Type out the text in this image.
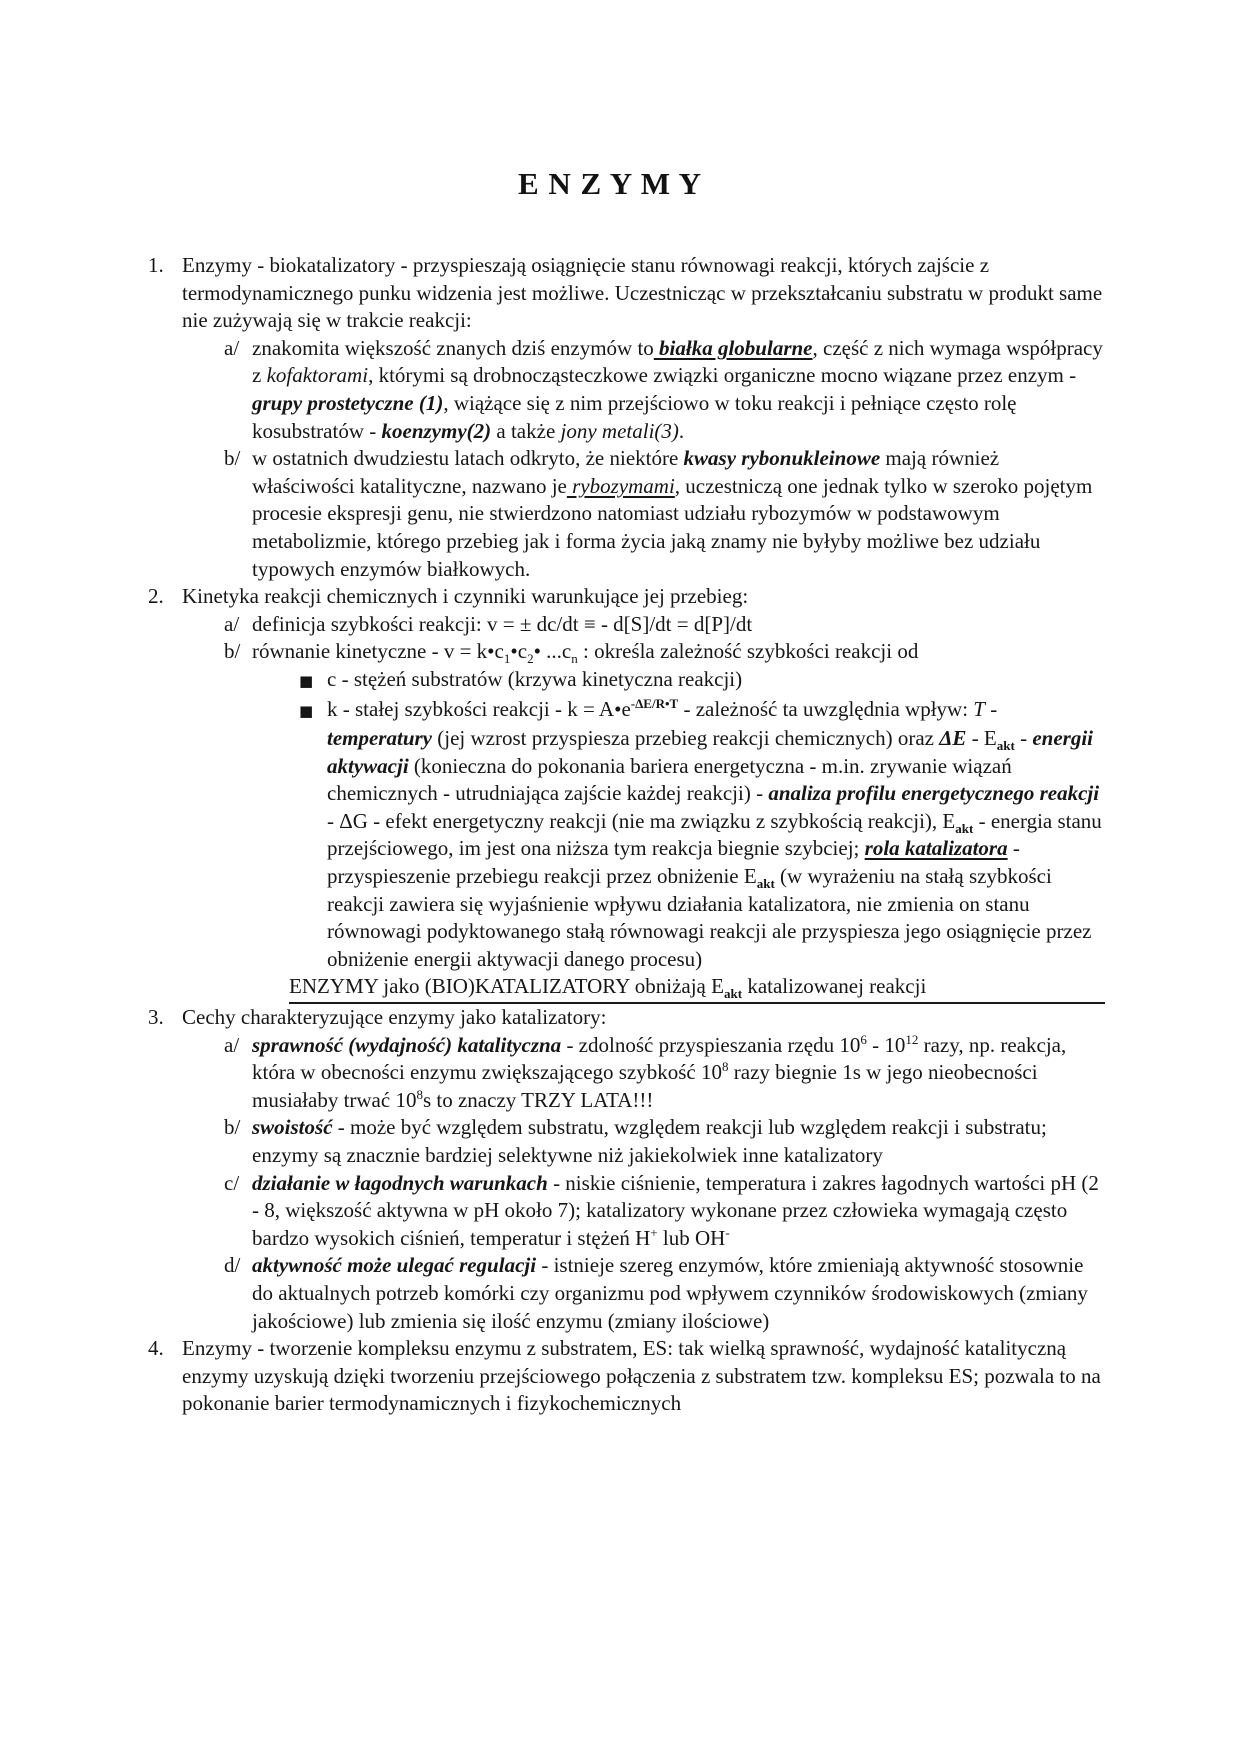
E N Z Y M Y
1. Enzymy - biokatalizatory - przyspieszają osiągnięcie stanu równowagi reakcji, których zajście z termodynamicznego punku widzenia jest możliwe. Uczestnicząc w przekształcaniu substratu w produkt same nie zużywają się w trakcie reakcji:
a/ znakomita większość znanych dziś enzymów to białka globularne, część z nich wymaga współpracy z kofaktorami, którymi są drobnocząsteczkowe związki organiczne mocno wiązane przez enzym - grupy prostetyczne (1), wiążące się z nim przejściowo w toku reakcji i pełniące często rolę kosubstratów - koenzymy(2) a także jony metali(3).
b/ w ostatnich dwudziestu latach odkryto, że niektóre kwasy rybonukleinowe mają również właściwości katalityczne, nazwano je rybozymami, uczestniczą one jednak tylko w szeroko pojętym procesie ekspresji genu, nie stwierdzono natomiast udziału rybozymów w podstawowym metabolizmie, którego przebieg jak i forma życia jaką znamy nie byłyby możliwe bez udziału typowych enzymów białkowych.
2. Kinetyka reakcji chemicznych i czynniki warunkujące jej przebieg:
a/ definicja szybkości reakcji: v = ± dc/dt ≡ - d[S]/dt = d[P]/dt
b/ równanie kinetyczne - $v = k•c_1•c_2•$ $...c_n$ : określa zależność szybkości reakcji od
■ c - stężeń substratów (krzywa kinetyczna reakcji)
■ k - stałej szybkości reakcji - $k = A•e^{-\Delta E/R•T}$ - zależność ta uwzględnia wpływ: T - temperatury (jej wzrost przyspiesza przebieg reakcji chemicznych) oraz ΔE - $E_{akt}$ - energii aktywacji (konieczna do pokonania bariera energetyczna - m.in. zrywanie wiązań chemicznych - utrudniająca zajście każdej reakcji) - analiza profilu energetycznego reakcji - ΔG - efekt energetyczny reakcji (nie ma związku z szybkością reakcji), $E_{akt}$ - energia stanu przejściowego, im jest ona niższa tym reakcja biegnie szybciej; rola katalizatora - przyspieszenie przebiegu reakcji przez obniżenie $E_{akt}$ (w wyrażeniu na stałą szybkości reakcji zawiera się wyjaśnienie wpływu działania katalizatora, nie zmienia on stanu równowagi podyktowanego stałą równowagi reakcji ale przyspiesza jego osiągnięcie przez obniżenie energii aktywacji danego procesu)
ENZYMY jako (BIO)KATALIZATORY obniżają $E_{akt}$ katalizowanej reakcji
3. Cechy charakteryzujące enzymy jako katalizatory:
a/ sprawność (wydajność) katalityczna - zdolność przyspieszania rzędu $10^6 - 10^{12}$ razy, np. reakcja, która w obecności enzymu zwiększającego szybkość $10^8$ razy biegnie 1s w jego nieobecności musiałaby trwać $10^8s$ to znaczy TRZY LATA!!!
b/ swoistość - może być względem substratu, względem reakcji lub względem reakcji i substratu; enzymy są znacznie bardziej selektywne niż jakiekolwiek inne katalizatory
c/ działanie w łagodnych warunkach - niskie ciśnienie, temperatura i zakres łagodnych wartości pH (2 - 8, większość aktywna w pH około 7); katalizatory wykonane przez człowieka wymagają często bardzo wysokich ciśnień, temperatur i stężeń H+ lub OH-
d/ aktywność może ulegać regulacji - istnieje szereg enzymów, które zmieniają aktywność stosownie do aktualnych potrzeb komórki czy organizmu pod wpływem czynników środowiskowych (zmiany jakościowe) lub zmienia się ilość enzymu (zmiany ilościowe)
4. Enzymy - tworzenie kompleksu enzymu z substratem, ES: tak wielką sprawność, wydajność katalityczną enzymy uzyskują dzięki tworzeniu przejściowego połączenia z substratem tzw. kompleksu ES; pozwala to na pokonanie barier termodynamicznych i fizykochemicznych
